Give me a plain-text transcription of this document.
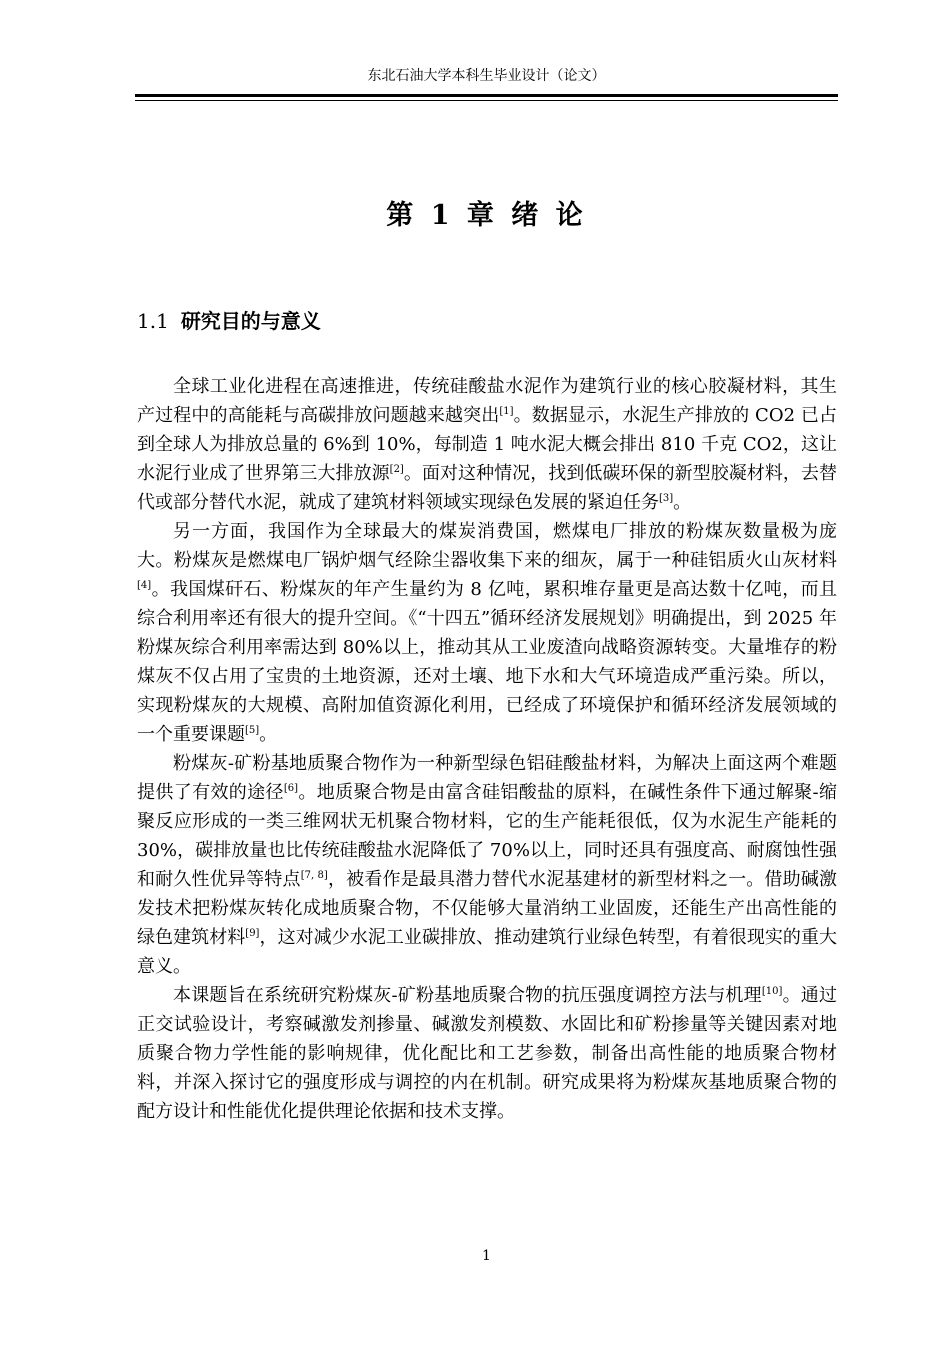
东北石油大学本科生毕业设计（论文）
第 1 章 绪 论
1.1 研究目的与意义

全球工业化进程在高速推进，传统硅酸盐水泥作为建筑行业的核心胶凝材料，其生产过程中的高能耗与高碳排放问题越来越突出[1]。数据显示，水泥生产排放的 CO2 已占到全球人为排放总量的 6%到 10%，每制造 1 吨水泥大概会排出 810 千克 CO2，这让水泥行业成了世界第三大排放源[2]。面对这种情况，找到低碳环保的新型胶凝材料，去替代或部分替代水泥，就成了建筑材料领域实现绿色发展的紧迫任务[3]。

另一方面，我国作为全球最大的煤炭消费国，燃煤电厂排放的粉煤灰数量极为庞大。粉煤灰是燃煤电厂锅炉烟气经除尘器收集下来的细灰，属于一种硅铝质火山灰材料[4]。我国煤矸石、粉煤灰的年产生量约为 8 亿吨，累积堆存量更是高达数十亿吨，而且综合利用率还有很大的提升空间。《“十四五”循环经济发展规划》明确提出，到 2025 年粉煤灰综合利用率需达到 80%以上，推动其从工业废渣向战略资源转变。大量堆存的粉煤灰不仅占用了宝贵的土地资源，还对土壤、地下水和大气环境造成严重污染。所以，实现粉煤灰的大规模、高附加值资源化利用，已经成了环境保护和循环经济发展领域的一个重要课题[5]。

粉煤灰-矿粉基地质聚合物作为一种新型绿色铝硅酸盐材料，为解决上面这两个难题提供了有效的途径[6]。地质聚合物是由富含硅铝酸盐的原料，在碱性条件下通过解聚-缩聚反应形成的一类三维网状无机聚合物材料，它的生产能耗很低，仅为水泥生产能耗的 30%，碳排放量也比传统硅酸盐水泥降低了 70%以上，同时还具有强度高、耐腐蚀性强和耐久性优异等特点[7, 8]，被看作是最具潜力替代水泥基建材的新型材料之一。借助碱激发技术把粉煤灰转化成地质聚合物，不仅能够大量消纳工业固废，还能生产出高性能的绿色建筑材料[9]，这对减少水泥工业碳排放、推动建筑行业绿色转型，有着很现实的重大意义。

本课题旨在系统研究粉煤灰-矿粉基地质聚合物的抗压强度调控方法与机理[10]。通过正交试验设计，考察碱激发剂掺量、碱激发剂模数、水固比和矿粉掺量等关键因素对地质聚合物力学性能的影响规律，优化配比和工艺参数，制备出高性能的地质聚合物材料，并深入探讨它的强度形成与调控的内在机制。研究成果将为粉煤灰基地质聚合物的配方设计和性能优化提供理论依据和技术支撑。

1
